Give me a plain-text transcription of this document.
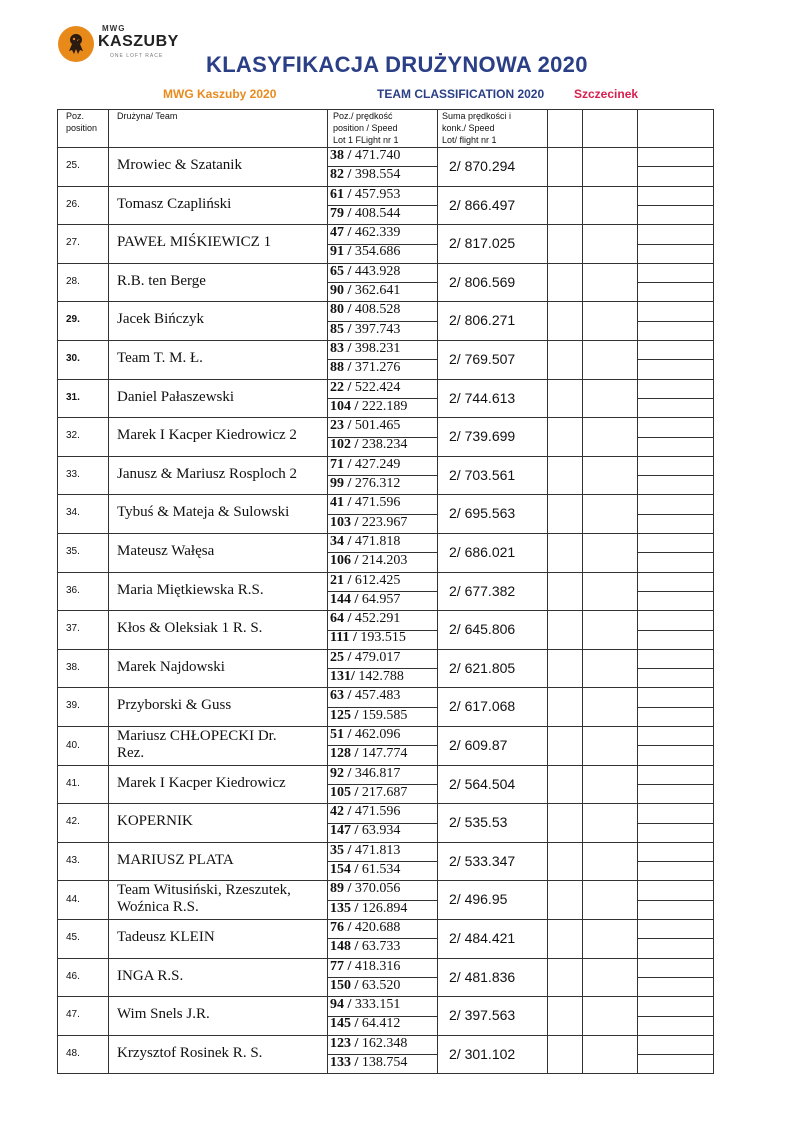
MWG
KASZUBY
ONE LOFT RACE KLASYFIKACJA DRUŻYNOWA 2020
MWG Kaszuby 2020	TEAM CLASSIFICATION 2020 Szczecinek
Poz.
position
Drużyna/ Team	Poz./ prędkość
position / Speed
Lot 1 FLight nr 1
Suma prędkości i
konk./ Speed
Lot/ flight nr 1
25. Mrowiec & Szatanik
38 / 471.740
82 / 398.554
2/ 870.294
26. Tomasz Czapliński
61 / 457.953
79 / 408.544
2/ 866.497
27. PAWEŁ MIŚKIEWICZ 1
47 / 462.339
91 / 354.686
2/ 817.025
28. R.B. ten Berge
65 / 443.928
90 / 362.641
2/ 806.569
29. Jacek Bińczyk
80 / 408.528
85 / 397.743
2/ 806.271
30. Team T. M. Ł.
83 / 398.231
88 / 371.276
2/ 769.507
31. Daniel Pałaszewski
22 / 522.424
104 / 222.189
2/ 744.613
32. Marek I Kacper Kiedrowicz 2
23 / 501.465
102 / 238.234
2/ 739.699
33. Janusz & Mariusz Rosploch 2
71 / 427.249
99 / 276.312
2/ 703.561
34. Tybuś & Mateja & Sulowski
41 / 471.596
103 / 223.967
2/ 695.563
35. Mateusz Wałęsa
34 / 471.818
106 / 214.203
2/ 686.021
36. Maria Miętkiewska R.S.
21 / 612.425
144 / 64.957
2/ 677.382
37. Kłos & Oleksiak 1 R. S.
64 / 452.291
111 / 193.515
2/ 645.806
38. Marek Najdowski
25 / 479.017
131/ 142.788
2/ 621.805
39. Przyborski & Guss
63 / 457.483
125 / 159.585
2/ 617.068
40.
Mariusz CHŁOPECKI Dr.
Rez.
51 / 462.096
128 / 147.774
2/ 609.87
41. Marek I Kacper Kiedrowicz
92 / 346.817
105 / 217.687
2/ 564.504
42. KOPERNIK
42 / 471.596
147 / 63.934
2/ 535.53
43. MARIUSZ PLATA
35 / 471.813
154 / 61.534
2/ 533.347
44.
Team Witusiński, Rzeszutek,
Woźnica R.S.
89 / 370.056
135 / 126.894
2/ 496.95
45. Tadeusz KLEIN
76 / 420.688
148 / 63.733
2/ 484.421
46. INGA R.S.
77 / 418.316
150 / 63.520
2/ 481.836
47. Wim Snels J.R.
94 / 333.151
145 / 64.412
2/ 397.563
48. Krzysztof Rosinek R. S.
123 / 162.348
133 / 138.754
2/ 301.102
